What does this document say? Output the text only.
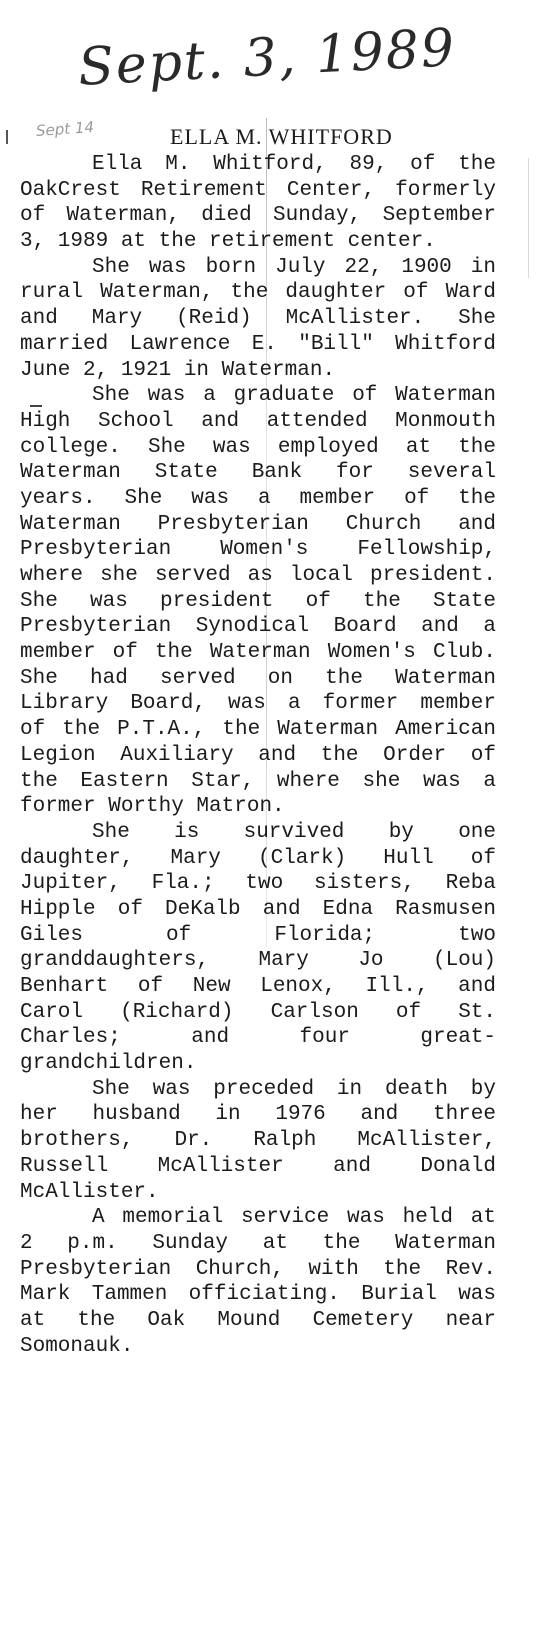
Sept. 3, 1989
Sept 14	ELLA M. WHITFORD
Ella M. Whitford, 89, of the
OakCrest Retirement Center, formerly
of Waterman, died Sunday, September
3, 1989 at the retirement center.
She was born July 22, 1900 in
rural Waterman, the daughter of Ward
and Mary (Reid) McAllister. She
married Lawrence E. "Bill" Whitford
June 2, 1921 in Waterman.
She was a graduate of Waterman
High School and attended Monmouth
college. She was employed at the
Waterman State Bank for several
years. She was a member of the
Waterman Presbyterian Church and
Presbyterian Women's Fellowship,
where she served as local president.
She was president of the State
Presbyterian Synodical Board and a
member of the Waterman Women's Club.
She had served on the Waterman
Library Board, was a former member
of the P.T.A., the Waterman American
Legion Auxiliary and the Order of
the Eastern Star, where she was a
former Worthy Matron.
She is survived by one
daughter, Mary (Clark) Hull of
Jupiter, Fla.; two sisters, Reba
Hipple of DeKalb and Edna Rasmusen
Giles of Florida; two
granddaughters, Mary Jo (Lou)
Benhart of New Lenox, Ill., and
Carol (Richard) Carlson of St.
Charles; and four great-
grandchildren.
She was preceded in death by
her husband in 1976 and three
brothers, Dr. Ralph McAllister,
Russell McAllister and Donald
McAllister.
A memorial service was held at
2 p.m. Sunday at the Waterman
Presbyterian Church, with the Rev.
Mark Tammen officiating. Burial was
at the Oak Mound Cemetery near
Somonauk.
